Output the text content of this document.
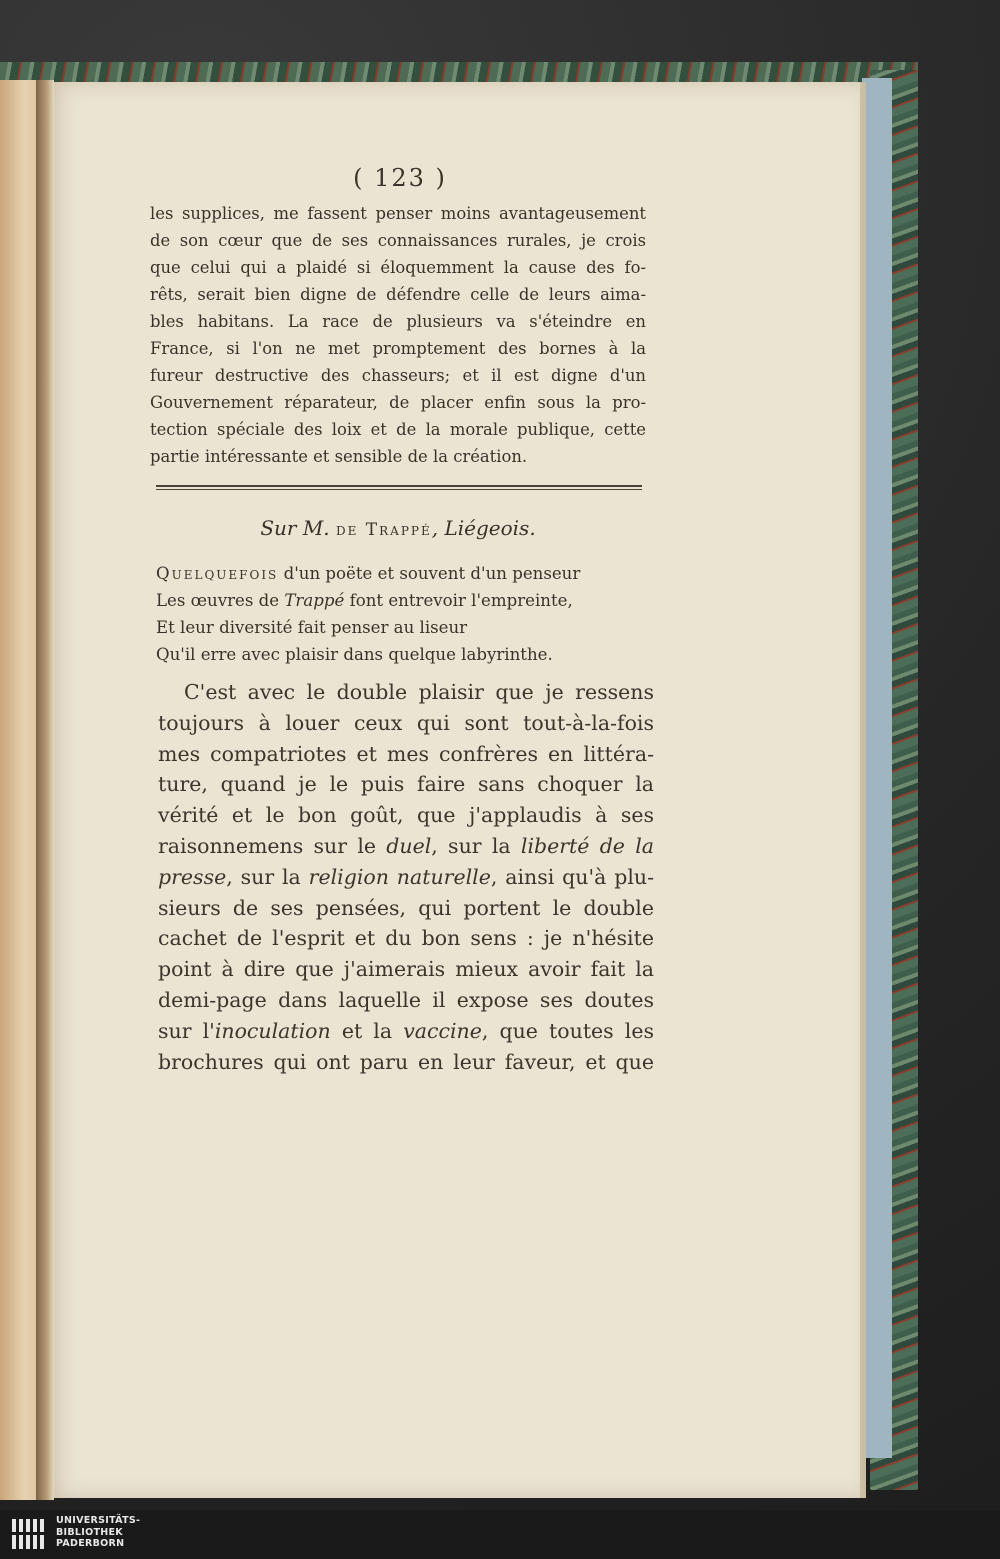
( 123 )
les supplices, me fassent penser moins avantageusement
de son cœur que de ses connaissances rurales, je crois
que celui qui a plaidé si éloquemment la cause des fo-
rêts, serait bien digne de défendre celle de leurs aima-
bles habitans. La race de plusieurs va s'éteindre en
France, si l'on ne met promptement des bornes à la
fureur destructive des chasseurs; et il est digne d'un
Gouvernement réparateur, de placer enfin sous la pro-
tection spéciale des loix et de la morale publique, cette
partie intéressante et sensible de la création.
Sur M. de Trappé, Liégeois.
Quelquefois d'un poëte et souvent d'un penseur
Les œuvres de Trappé font entrevoir l'empreinte,
Et leur diversité fait penser au liseur
Qu'il erre avec plaisir dans quelque labyrinthe.
C'est avec le double plaisir que je ressens
toujours à louer ceux qui sont tout-à-la-fois
mes compatriotes et mes confrères en littéra-
ture, quand je le puis faire sans choquer la
vérité et le bon goût, que j'applaudis à ses
raisonnemens sur le duel, sur la liberté de la
presse, sur la religion naturelle, ainsi qu'à plu-
sieurs de ses pensées, qui portent le double
cachet de l'esprit et du bon sens : je n'hésite
point à dire que j'aimerais mieux avoir fait la
demi-page dans laquelle il expose ses doutes
sur l'inoculation et la vaccine, que toutes les
brochures qui ont paru en leur faveur, et que
UNIVERSITÄTS-
BIBLIOTHEK
PADERBORN
